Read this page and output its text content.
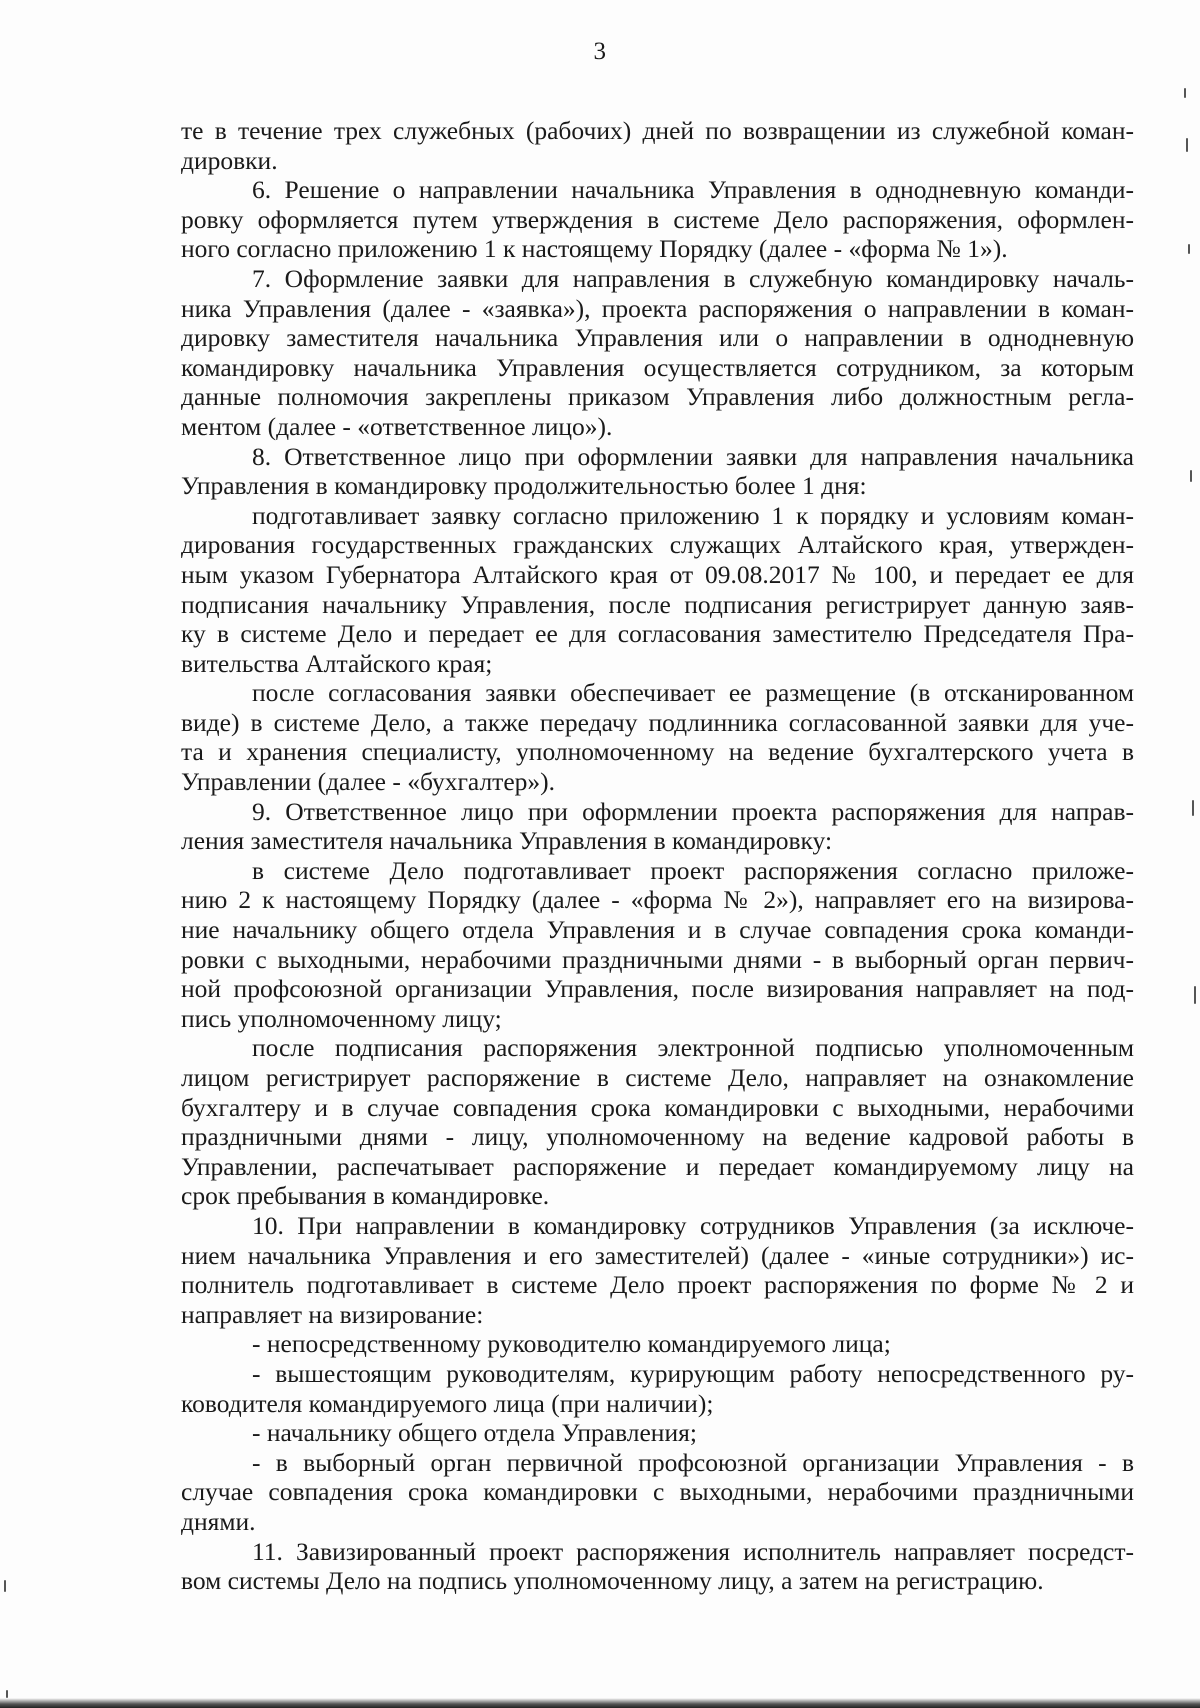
3

те в течение трех служебных (рабочих) дней по возвращении из служебной коман-

дировки.

6. Решение о направлении начальника Управления в однодневную команди-

ровку оформляется путем утверждения в системе Дело распоряжения, оформлен-

ного согласно приложению 1 к настоящему Порядку (далее - «форма № 1»).

7. Оформление заявки для направления в служебную командировку началь-

ника Управления (далее - «заявка»), проекта распоряжения о направлении в коман-

дировку заместителя начальника Управления или о направлении в однодневную

командировку начальника Управления осуществляется сотрудником, за которым

данные полномочия закреплены приказом Управления либо должностным регла-

ментом (далее - «ответственное лицо»).

8. Ответственное лицо при оформлении заявки для направления начальника

Управления в командировку продолжительностью более 1 дня:

подготавливает заявку согласно приложению 1 к порядку и условиям коман-

дирования государственных гражданских служащих Алтайского края, утвержден-

ным указом Губернатора Алтайского края от 09.08.2017 № 100, и передает ее для

подписания начальнику Управления, после подписания регистрирует данную заяв-

ку в системе Дело и передает ее для согласования заместителю Председателя Пра-

вительства Алтайского края;

после согласования заявки обеспечивает ее размещение (в отсканированном

виде) в системе Дело, а также передачу подлинника согласованной заявки для уче-

та и хранения специалисту, уполномоченному на ведение бухгалтерского учета в

Управлении (далее - «бухгалтер»).

9. Ответственное лицо при оформлении проекта распоряжения для направ-

ления заместителя начальника Управления в командировку:

в системе Дело подготавливает проект распоряжения согласно приложе-

нию 2 к настоящему Порядку (далее - «форма № 2»), направляет его на визирова-

ние начальнику общего отдела Управления и в случае совпадения срока команди-

ровки с выходными, нерабочими праздничными днями - в выборный орган первич-

ной профсоюзной организации Управления, после визирования направляет на под-

пись уполномоченному лицу;

после подписания распоряжения электронной подписью уполномоченным

лицом регистрирует распоряжение в системе Дело, направляет на ознакомление

бухгалтеру и в случае совпадения срока командировки с выходными, нерабочими

праздничными днями - лицу, уполномоченному на ведение кадровой работы в

Управлении, распечатывает распоряжение и передает командируемому лицу на

срок пребывания в командировке.

10. При направлении в командировку сотрудников Управления (за исключе-

нием начальника Управления и его заместителей) (далее - «иные сотрудники») ис-

полнитель подготавливает в системе Дело проект распоряжения по форме № 2 и

направляет на визирование:

- непосредственному руководителю командируемого лица;

- вышестоящим руководителям, курирующим работу непосредственного ру-

ководителя командируемого лица (при наличии);

- начальнику общего отдела Управления;

- в выборный орган первичной профсоюзной организации Управления - в

случае совпадения срока командировки с выходными, нерабочими праздничными

днями.

11. Завизированный проект распоряжения исполнитель направляет посредст-

вом системы Дело на подпись уполномоченному лицу, а затем на регистрацию.
